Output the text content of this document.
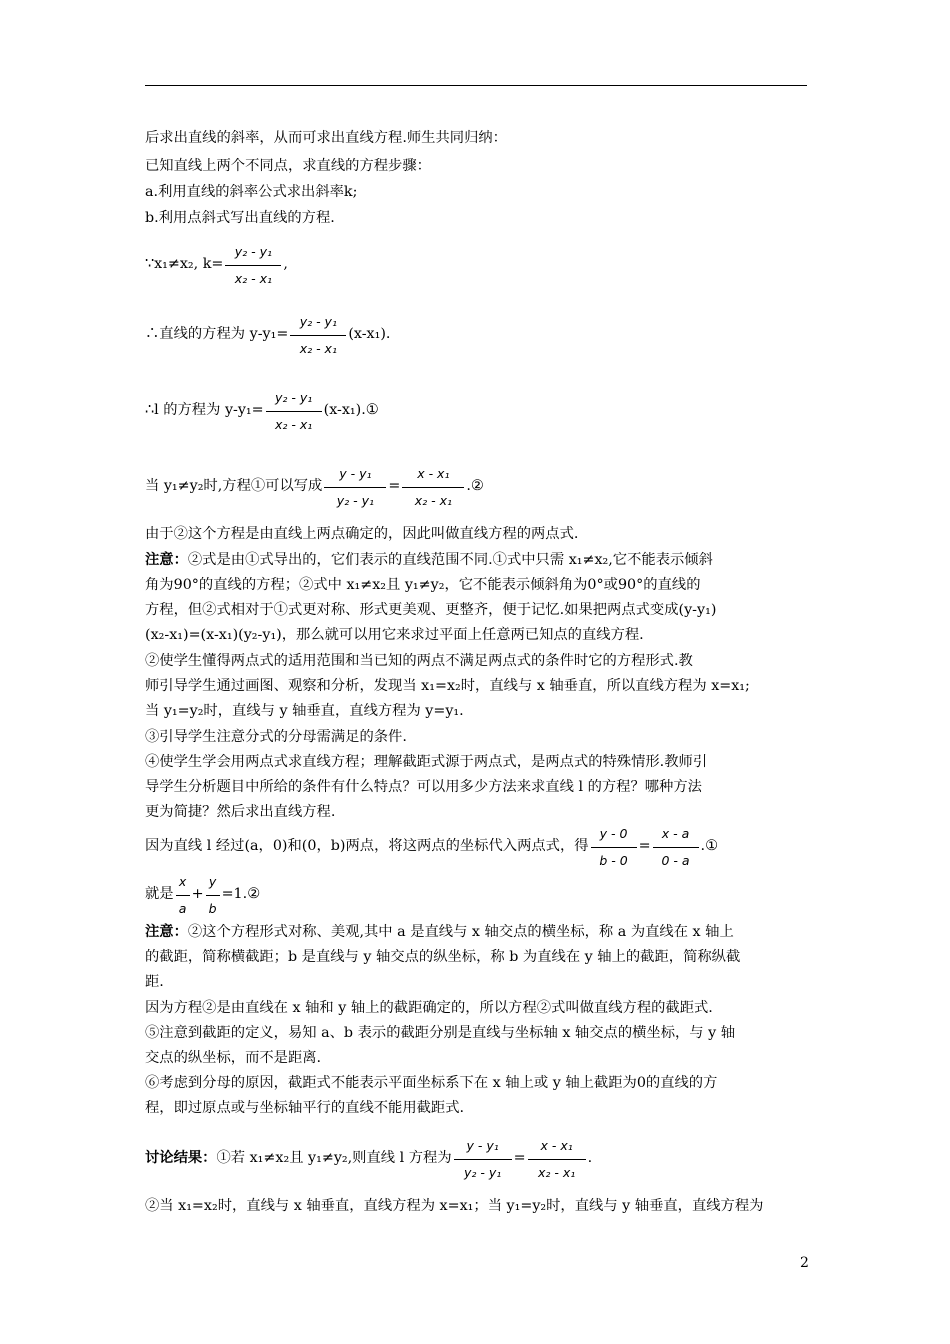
后求出直线的斜率，从而可求出直线方程.师生共同归纳：
已知直线上两个不同点，求直线的方程步骤：
a.利用直线的斜率公式求出斜率k;
b.利用点斜式写出直线的方程.
∵x₁≠x₂, $k= \frac{\text{y₂ - y₁}}{\text{x₂ - x₁}}$ ,
∴直线的方程为 $y-y_1= \frac{\text{y₂ - y₁}}{\text{x₂ - x₁}} (x-x_1)$.
∴l 的方程为 $y-y_1= \frac{\text{y₂ - y₁}}{\text{x₂ - x₁}}$ (x-x₁).①
当 y₁≠y₂时,方程①可以写成 $\frac{\text{y - y₁}}{\text{y₂ - y₁}} = \frac{\text{x - x₁}}{\text{x₂ - x₁}}$ .②
由于②这个方程是由直线上两点确定的，因此叫做直线方程的两点式.
注意：②式是由①式导出的，它们表示的直线范围不同.①式中只需 x₁≠x₂,它不能表示倾斜
角为90°的直线的方程；②式中 x₁≠x₂且 y₁≠y₂，它不能表示倾斜角为0°或90°的直线的
方程，但②式相对于①式更对称、形式更美观、更整齐，便于记忆.如果把两点式变成(y-y₁)
(x₂-x₁)=(x-x₁)(y₂-y₁)，那么就可以用它来求过平面上任意两已知点的直线方程.
②使学生懂得两点式的适用范围和当已知的两点不满足两点式的条件时它的方程形式.教
师引导学生通过画图、观察和分析，发现当 x₁=x₂时，直线与 x 轴垂直，所以直线方程为 x=x₁;
当 y₁=y₂时，直线与 y 轴垂直，直线方程为 y=y₁.
③引导学生注意分式的分母需满足的条件.
④使学生学会用两点式求直线方程；理解截距式源于两点式，是两点式的特殊情形.教师引
导学生分析题目中所给的条件有什么特点？可以用多少方法来求直线 l 的方程？哪种方法
更为简捷？然后求出直线方程.
因为直线 l 经过(a，0)和(0，b)两点，将这两点的坐标代入两点式，得 $\frac{y - 0}{b - 0} = \frac{x - a}{0 - a}$ .①
就是 $\frac{x}{a} + \frac{y}{b}$ =1.②
注意：②这个方程形式对称、美观,其中 a 是直线与 x 轴交点的横坐标，称 a 为直线在 x 轴上
的截距，简称横截距；b 是直线与 y 轴交点的纵坐标，称 b 为直线在 y 轴上的截距，简称纵截
距.
因为方程②是由直线在 x 轴和 y 轴上的截距确定的，所以方程②式叫做直线方程的截距式.
⑤注意到截距的定义，易知 a、b 表示的截距分别是直线与坐标轴 x 轴交点的横坐标，与 y 轴
交点的纵坐标，而不是距离.
⑥考虑到分母的原因，截距式不能表示平面坐标系下在 x 轴上或 y 轴上截距为0的直线的方
程，即过原点或与坐标轴平行的直线不能用截距式.
讨论结果：①若 x₁≠x₂且 y₁≠y₂,则直线 l 方程为 $\frac{\text{y - y₁}}{\text{y₂ - y₁}} = \frac{\text{x - x₁}}{\text{x₂ - x₁}}$ .
②当 x₁=x₂时，直线与 x 轴垂直，直线方程为 x=x₁；当 y₁=y₂时，直线与 y 轴垂直，直线方程为
2
